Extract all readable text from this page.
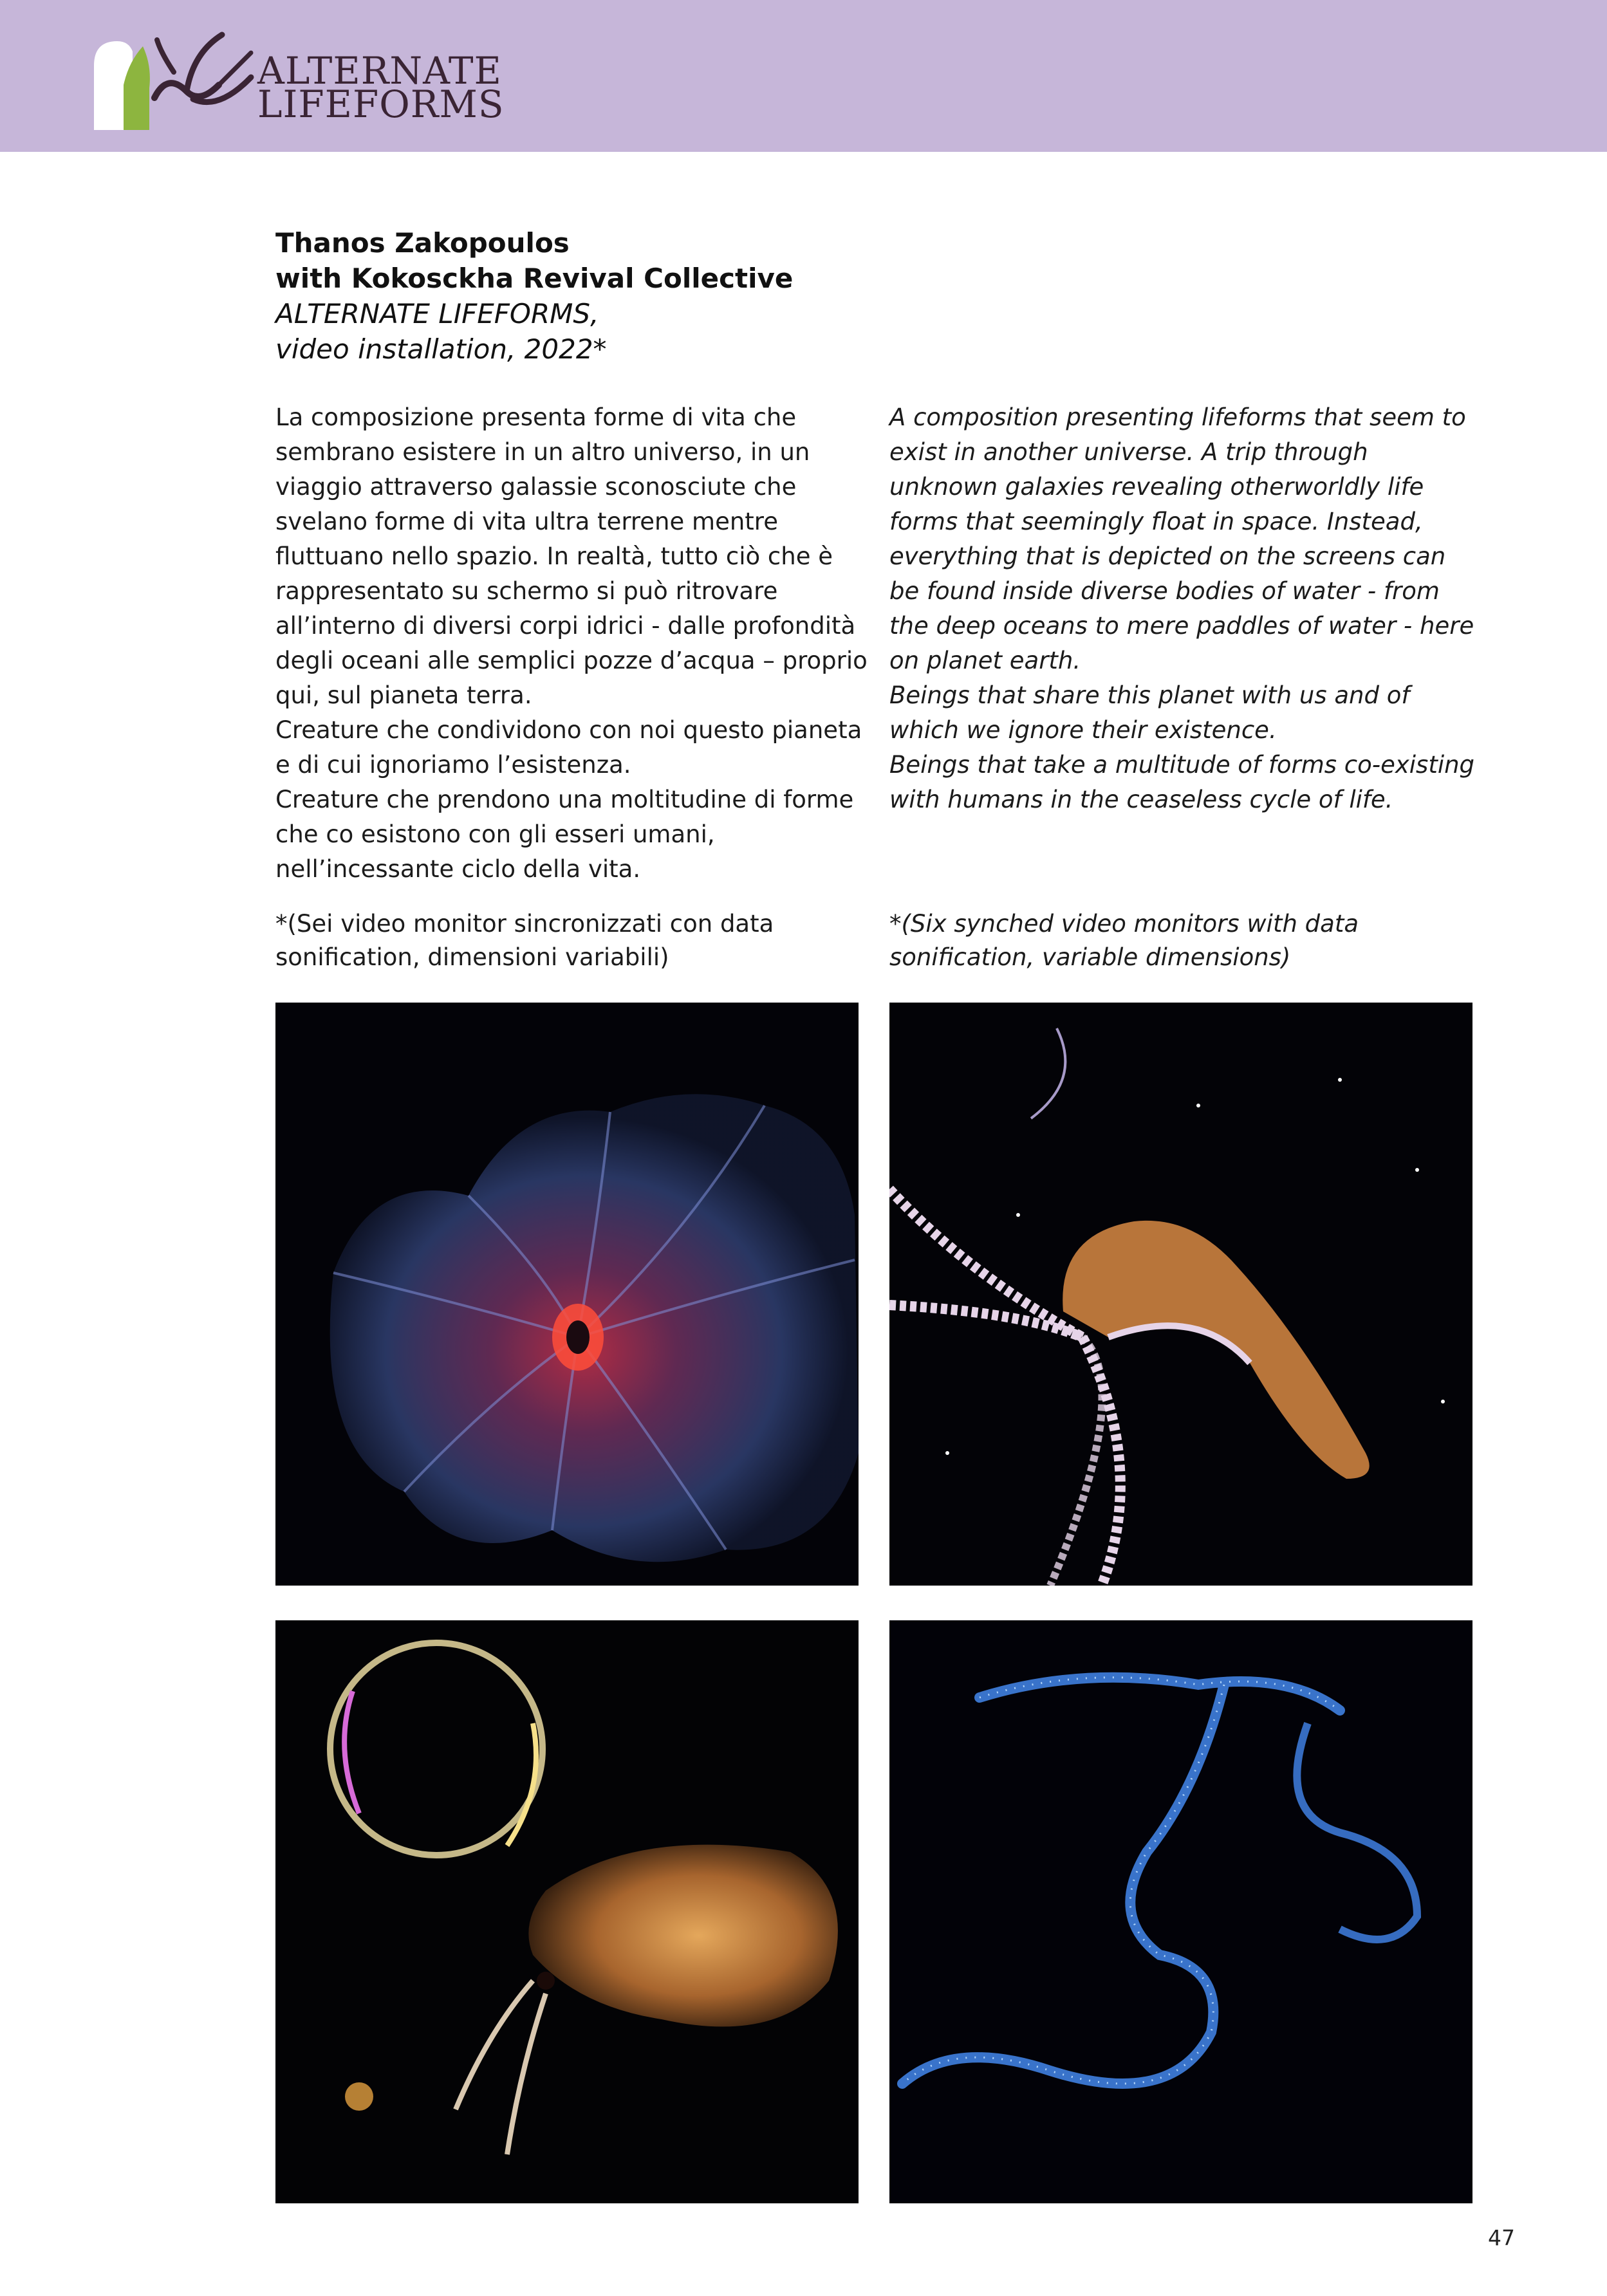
ALTERNATE
LIFEFORMS
Thanos Zakopoulos
with Kokosckha Revival Collective
ALTERNATE LIFEFORMS,
video installation, 2022*

La composizione presenta forme di vita che sembrano esistere in un altro universo, in un viaggio attraverso galassie sconosciute che svelano forme di vita ultra terrene mentre fluttuano nello spazio. In realtà, tutto ciò che è rappresentato su schermo si può ritrovare all’interno di diversi corpi idrici - dalle profondità degli oceani alle semplici pozze d’acqua – proprio qui, sul pianeta terra.

Creature che condividono con noi questo pianeta e di cui ignoriamo l’esistenza.

Creature che prendono una moltitudine di forme che co esistono con gli esseri umani, nell’incessante ciclo della vita.

A composition presenting lifeforms that seem to exist in another universe. A trip through unknown galaxies revealing otherworldly life forms that seemingly float in space. Instead, everything that is depicted on the screens can be found inside diverse bodies of water - from the deep oceans to mere paddles of water - here on planet earth.

Beings that share this planet with us and of which we ignore their existence.

Beings that take a multitude of forms co-existing with humans in the ceaseless cycle of life.

*(Sei video monitor sincronizzati con data sonification, dimensioni variabili)
*(Six synched video monitors with data sonification, variable dimensions)
47
